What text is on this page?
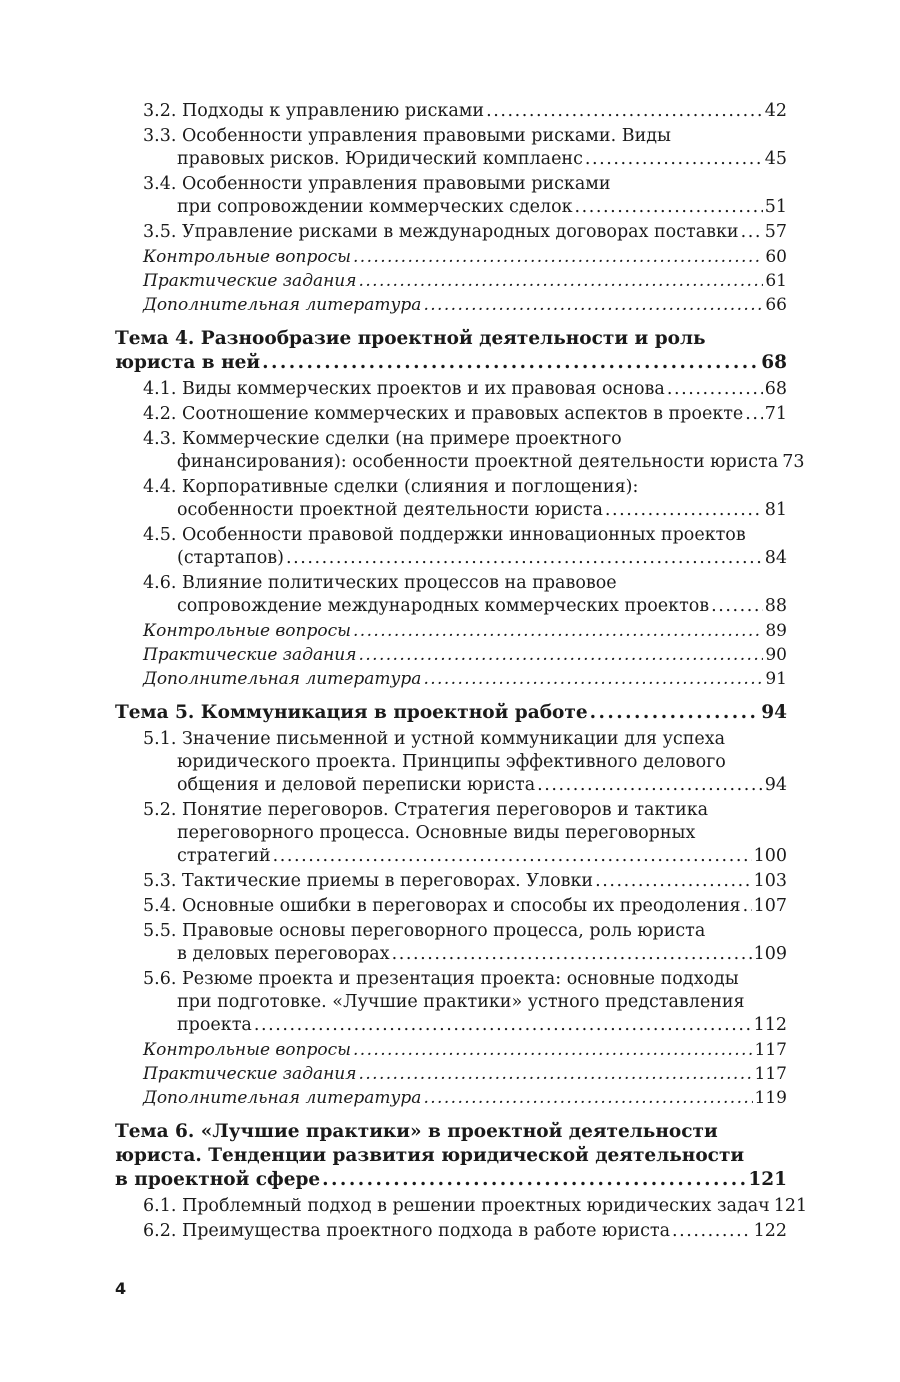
3.2. Подходы к управлению рисками . . .	42
3.3. Особенности управления правовыми рисками. Виды
правовых рисков. Юридический комплаенс . . .	45
3.4. Особенности управления правовыми рисками
при сопровождении коммерческих сделок . . .	51
3.5. Управление рисками в международных договорах поставки . . . 57
Контрольные вопросы . . .	60
Практические задания . . .	61
Дополнительная литература . . .	66
Тема 4. Разнообразие проектной деятельности и роль
юриста в ней . . .	68
4.1. Виды коммерческих проектов и их правовая основа . . .	68
4.2. Соотношение коммерческих и правовых аспектов в проекте . . . 71
4.3. Коммерческие сделки (на примере проектного
финансирования): особенности проектной деятельности юриста 73
4.4. Корпоративные сделки (слияния и поглощения):
особенности проектной деятельности юриста . . .	81
4.5. Особенности правовой поддержки инновационных проектов
(стартапов) . . .	84
4.6. Влияние политических процессов на правовое
сопровождение международных коммерческих проектов . . .	88
Контрольные вопросы . . .	89
Практические задания . . .	90
Дополнительная литература . . .	91
Тема 5. Коммуникация в проектной работе . . .	94
5.1. Значение письменной и устной коммуникации для успеха
юридического проекта. Принципы эффективного делового
общения и деловой переписки юриста . . .	94
5.2. Понятие переговоров. Стратегия переговоров и тактика
переговорного процесса. Основные виды переговорных
стратегий . . .	100
5.3. Тактические приемы в переговорах. Уловки . . .	103
5.4. Основные ошибки в переговорах и способы их преодоления . . . 107
5.5. Правовые основы переговорного процесса, роль юриста
в деловых переговорах . . .	109
5.6. Резюме проекта и презентация проекта: основные подходы
при подготовке. «Лучшие практики» устного представления
проекта . . .	112
Контрольные вопросы . . .	117
Практические задания . . .	117
Дополнительная литература . . .	119
Тема 6. «Лучшие практики» в проектной деятельности
юриста. Тенденции развития юридической деятельности
в проектной сфере . . .	121
6.1. Проблемный подход в решении проектных юридических задач 121
6.2. Преимущества проектного подхода в работе юриста . . .	122
4
